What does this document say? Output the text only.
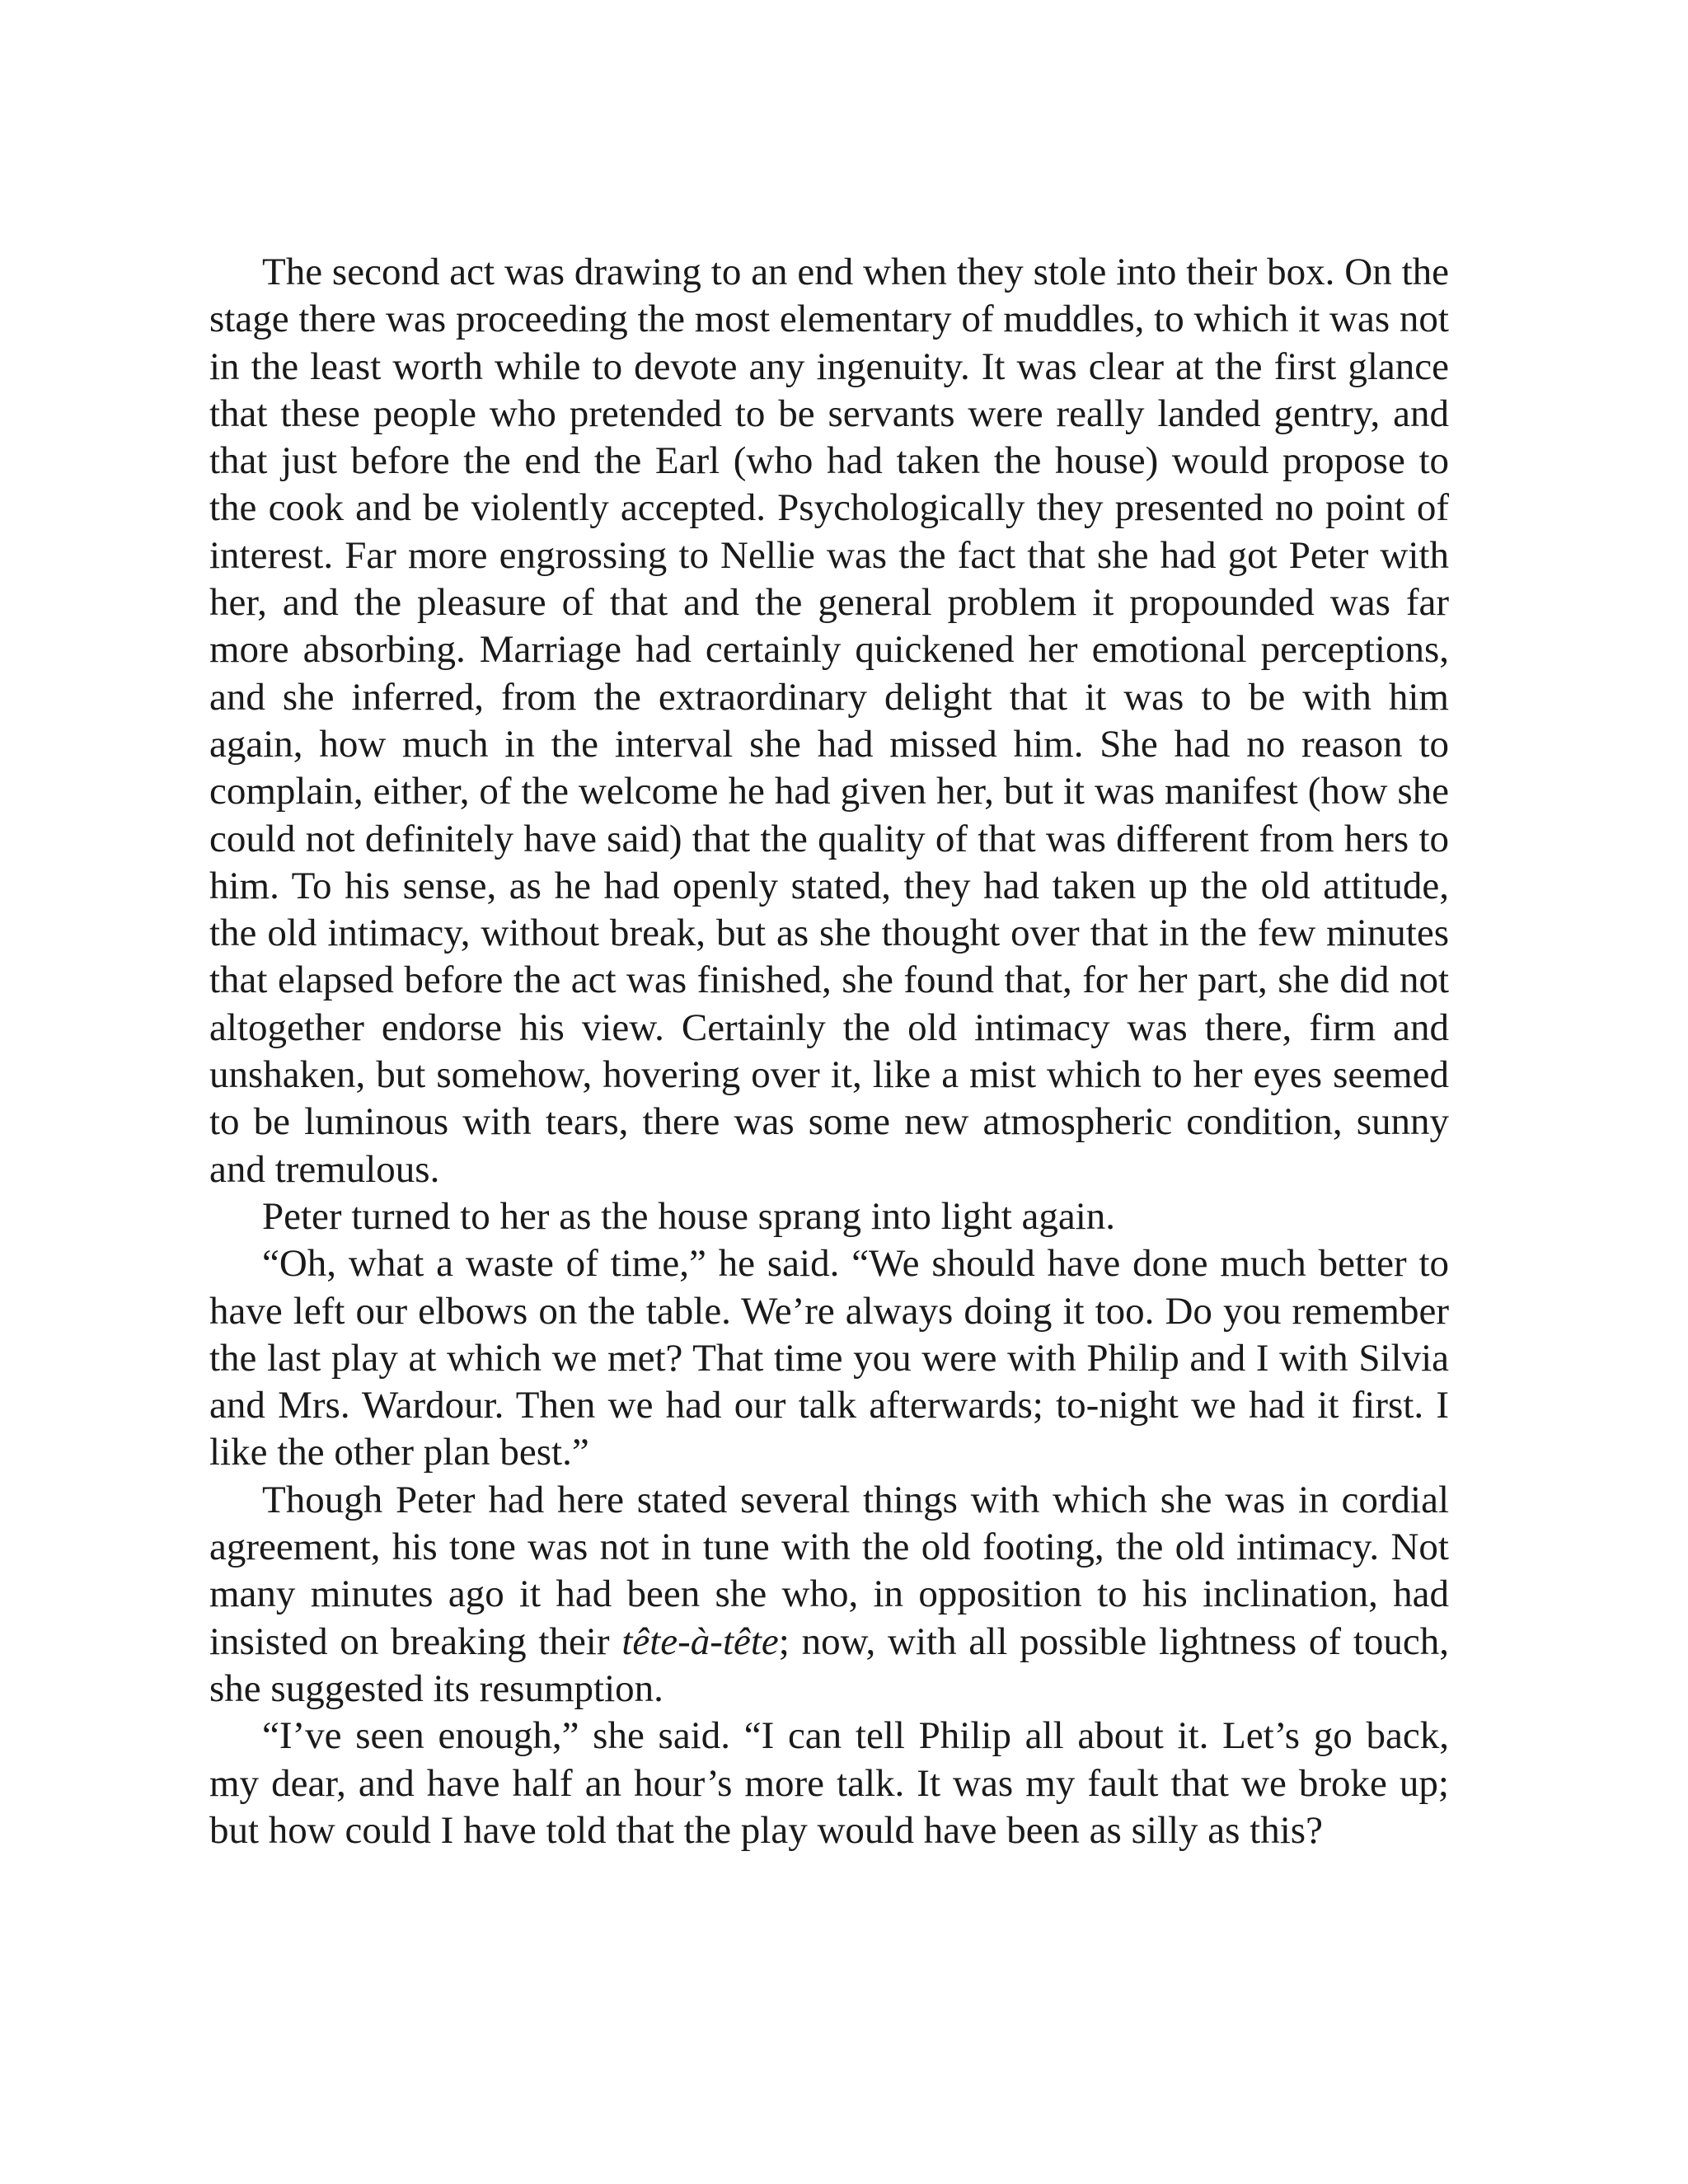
The second act was drawing to an end when they stole into their box. On the stage there was proceeding the most elementary of muddles, to which it was not in the least worth while to devote any ingenuity. It was clear at the first glance that these people who pretended to be servants were really landed gentry, and that just before the end the Earl (who had taken the house) would propose to the cook and be violently accepted. Psychologically they presented no point of interest. Far more engrossing to Nellie was the fact that she had got Peter with her, and the pleasure of that and the general problem it propounded was far more absorbing. Marriage had certainly quickened her emotional perceptions, and she inferred, from the extraordinary delight that it was to be with him again, how much in the interval she had missed him. She had no reason to complain, either, of the welcome he had given her, but it was manifest (how she could not definitely have said) that the quality of that was different from hers to him. To his sense, as he had openly stated, they had taken up the old attitude, the old intimacy, without break, but as she thought over that in the few minutes that elapsed before the act was finished, she found that, for her part, she did not altogether endorse his view. Certainly the old intimacy was there, firm and unshaken, but somehow, hovering over it, like a mist which to her eyes seemed to be luminous with tears, there was some new atmospheric condition, sunny and tremulous.

Peter turned to her as the house sprang into light again.

“Oh, what a waste of time,” he said. “We should have done much better to have left our elbows on the table. We’re always doing it too. Do you remember the last play at which we met? That time you were with Philip and I with Silvia and Mrs. Wardour. Then we had our talk afterwards; to-night we had it first. I like the other plan best.”

Though Peter had here stated several things with which she was in cordial agreement, his tone was not in tune with the old footing, the old intimacy. Not many minutes ago it had been she who, in opposition to his inclination, had insisted on breaking their tête-à-tête; now, with all possible lightness of touch, she suggested its resumption.

“I’ve seen enough,” she said. “I can tell Philip all about it. Let’s go back, my dear, and have half an hour’s more talk. It was my fault that we broke up; but how could I have told that the play would have been as silly as this?
